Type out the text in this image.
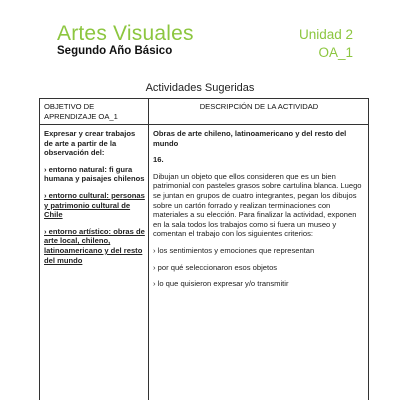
Artes Visuales
Segundo Año Básico
Unidad 2
OA_1
Actividades Sugeridas
OBJETIVO DE APRENDIZAJE OA_1
DESCRIPCIÓN DE LA ACTIVIDAD

Expresar y crear trabajos de arte a partir de la observación del:

› entorno natural: fi gura humana y paisajes chilenos

› entorno cultural: personas y patrimonio cultural de Chile

› entorno artístico: obras de arte local, chileno, latinoamericano y del resto del mundo

Obras de arte chileno, latinoamericano y del resto del mundo

16.

Dibujan un objeto que ellos consideren que es un bien patrimonial con pasteles grasos sobre cartulina blanca. Luego se juntan en grupos de cuatro integrantes, pegan los dibujos sobre un cartón forrado y realizan terminaciones con materiales a su elección. Para finalizar la actividad, exponen en la sala todos los trabajos como si fuera un museo y comentan el trabajo con los siguientes criterios:

› los sentimientos y emociones que representan

› por qué seleccionaron esos objetos

› lo que quisieron expresar y/o transmitir
